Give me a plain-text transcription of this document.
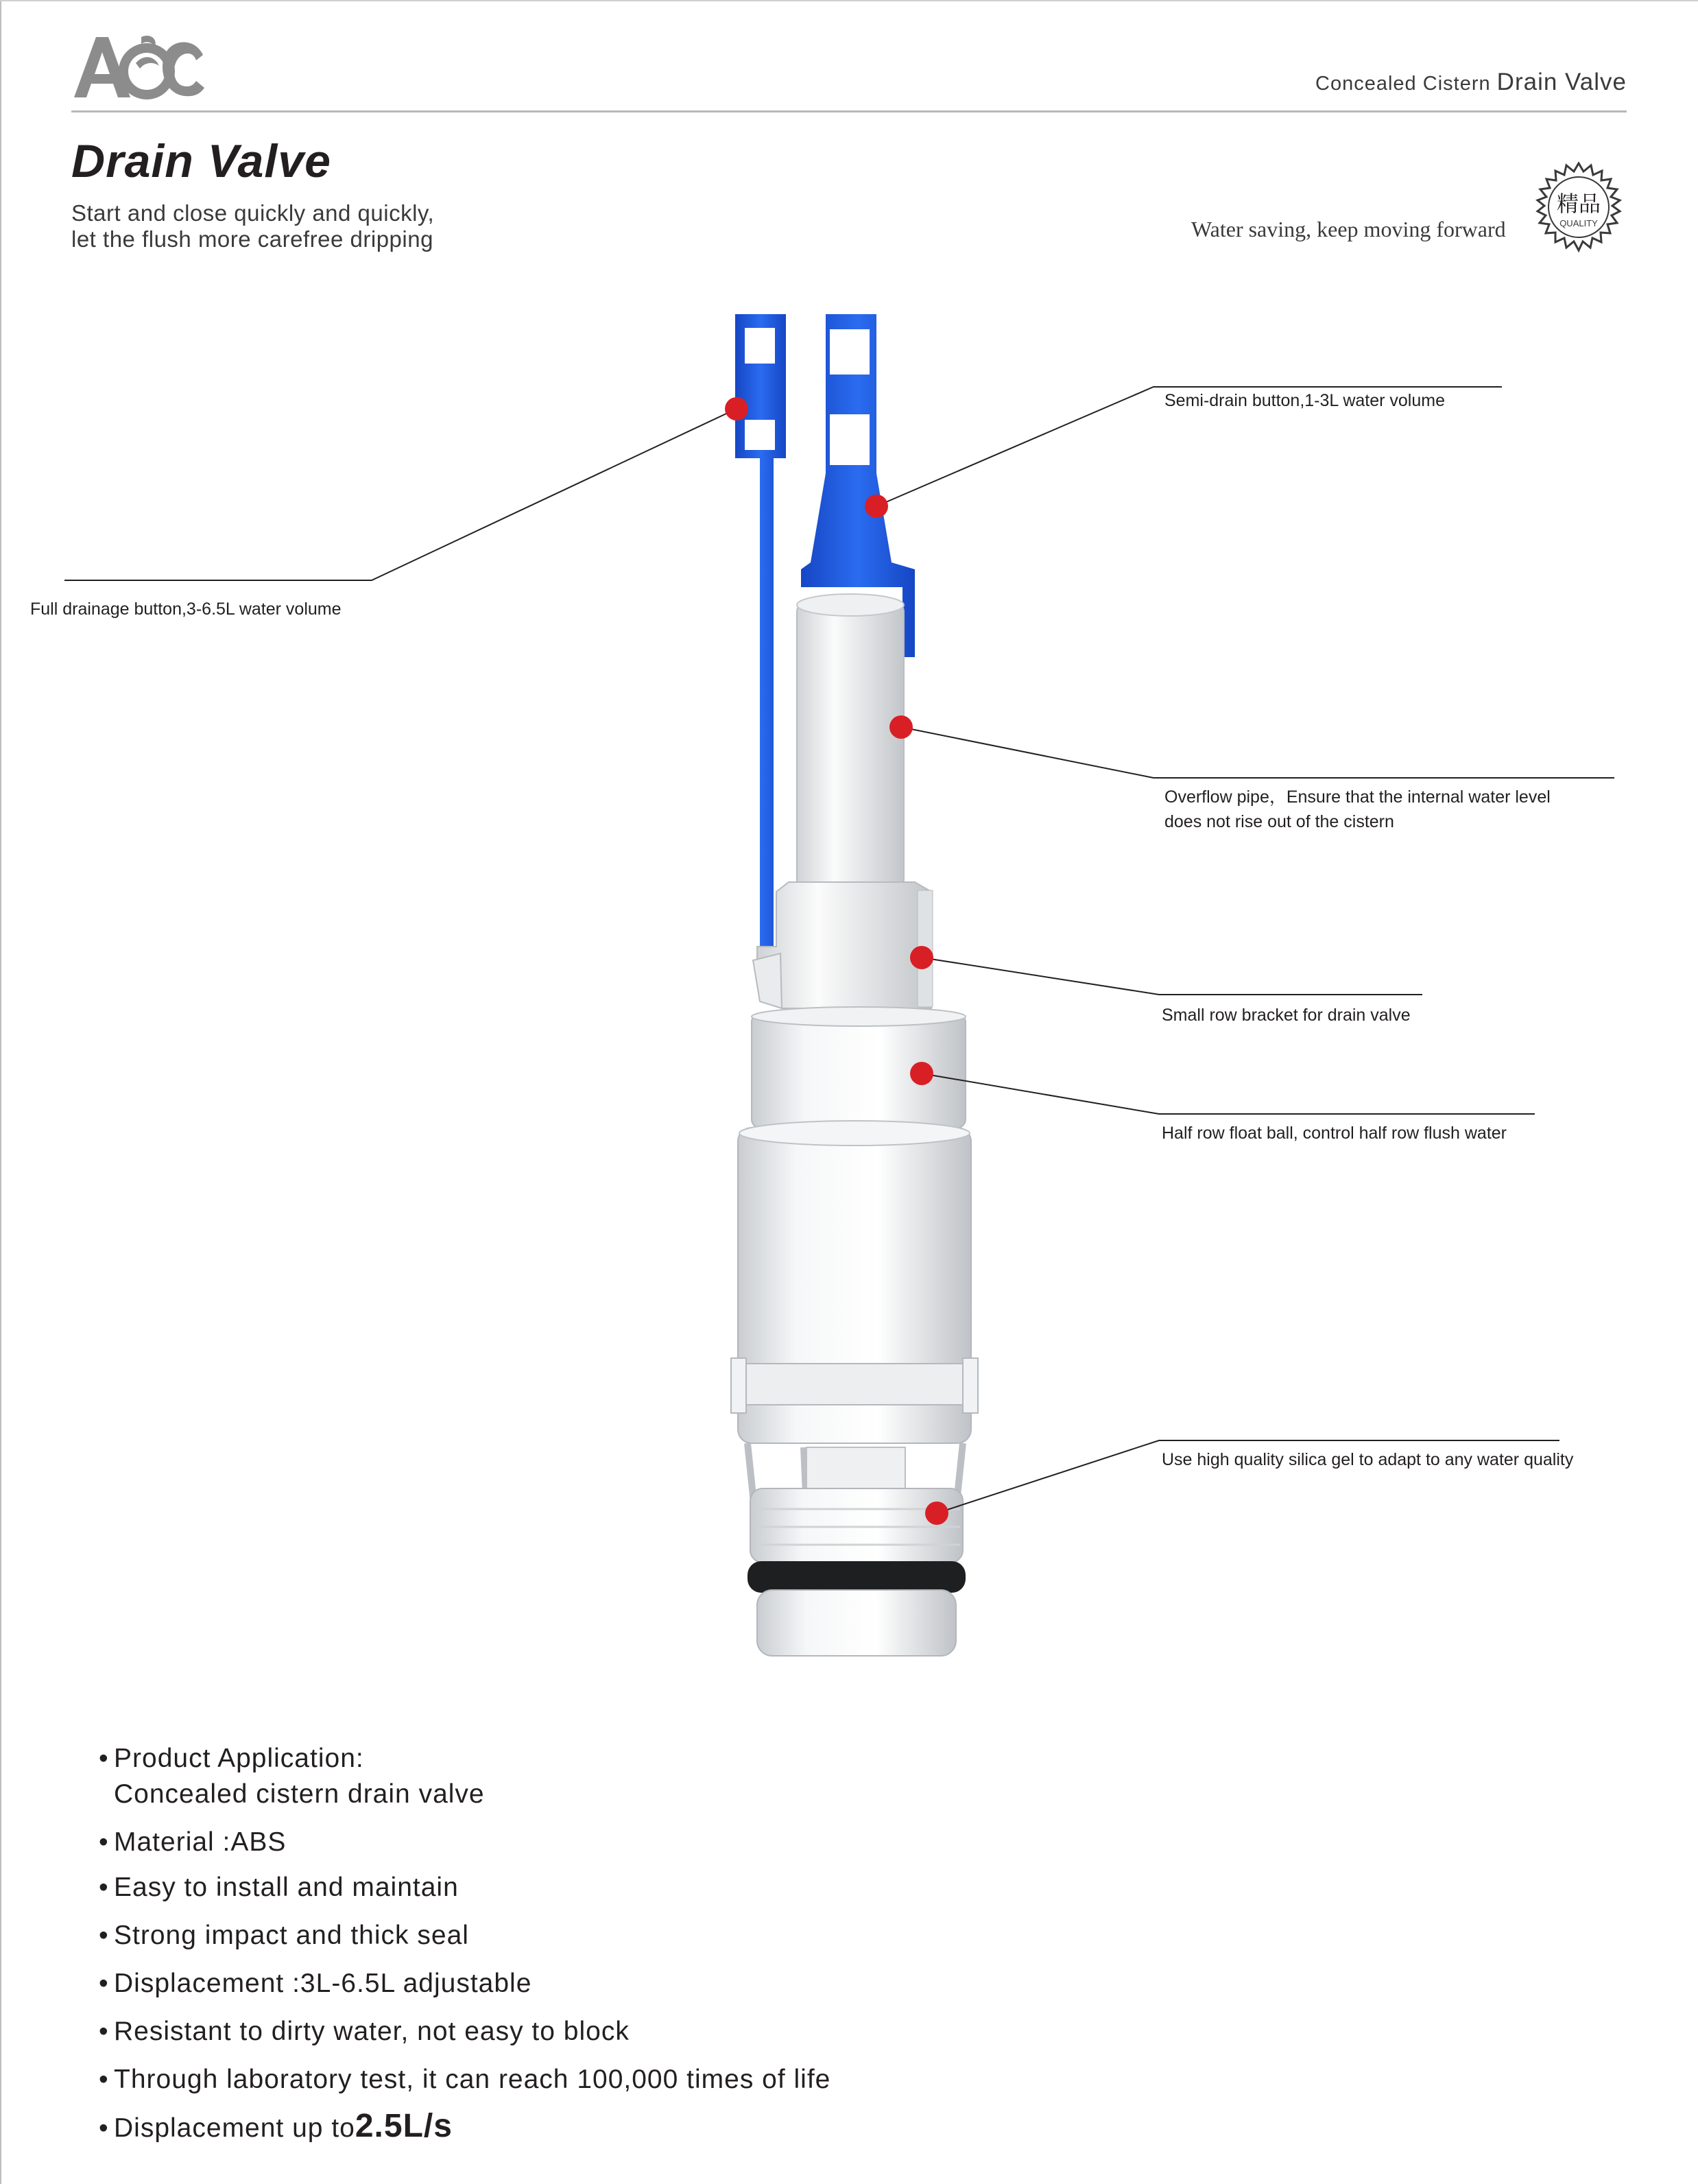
Concealed Cistern Drain Valve
Drain Valve
Start and close quickly and quickly,
let the flush more carefree dripping	Water saving, keep moving forward
精品
QUALITY
Full drainage button,3-6.5L water volume
Semi-drain button,1-3L water volume
Overflow pipe，Ensure that the internal water level
does not rise out of the cistern
Small row bracket for drain valve
Half row float ball, control half row flush water
Use high quality silica gel to adapt to any water quality
• Product Application:
Concealed cistern drain valve
• Material :ABS
• Easy to install and maintain
• Strong impact and thick seal
• Displacement :3L-6.5L adjustable
• Resistant to dirty water, not easy to block
• Through laboratory test, it can reach 100,000 times of life
• Displacement up to2.5L/s
